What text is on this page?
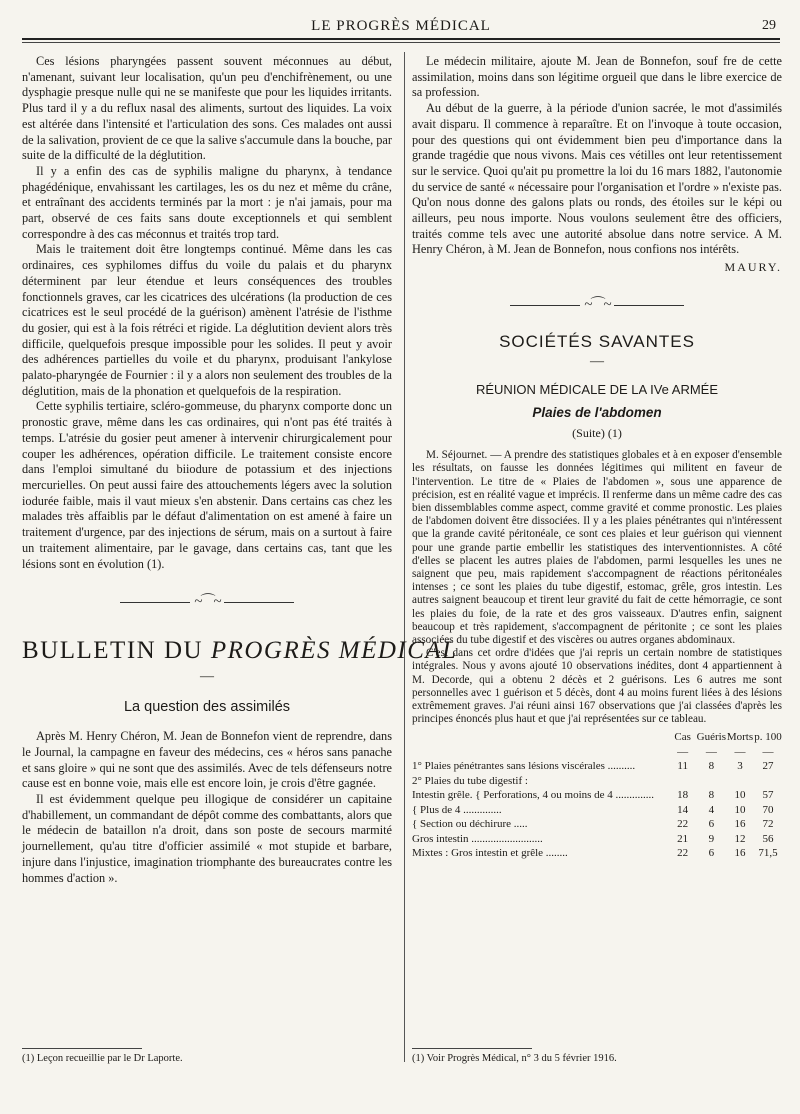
LE PROGRÈS MÉDICAL	29

Ces lésions pharyngées passent souvent méconnues au début, n'amenant, suivant leur localisation, qu'un peu d'enchifrènement, ou une dysphagie presque nulle qui ne se manifeste que pour les liquides irritants. Plus tard il y a du reflux nasal des aliments, surtout des liquides. La voix est altérée dans l'intensité et l'articulation des sons. Ces malades ont aussi de la salivation, provient de ce que la salive s'accumule dans la bouche, par suite de la difficulté de la déglutition.

Il y a enfin des cas de syphilis maligne du pharynx, à tendance phagédénique, envahissant les cartilages, les os du nez et même du crâne, et entraînant des accidents terminés par la mort : je n'ai jamais, pour ma part, observé de ces faits sans doute exceptionnels et qui semblent correspondre à des cas méconnus et traités trop tard.

Mais le traitement doit être longtemps continué. Même dans les cas ordinaires, ces syphilomes diffus du voile du palais et du pharynx déterminent par leur étendue et leurs conséquences des troubles fonctionnels graves, car les cicatrices des ulcérations (la production de ces cicatrices est le seul procédé de la guérison) amènent l'atrésie de l'isthme du gosier, qui est à la fois rétréci et rigide. La déglutition devient alors très difficile, quelquefois presque impossible pour les solides. Il peut y avoir des adhérences partielles du voile et du pharynx, produisant l'ankylose palato-pharyngée de Fournier : il y a alors non seulement des troubles de la déglutition, mais de la phonation et quelquefois de la respiration.

Cette syphilis tertiaire, scléro-gommeuse, du pharynx comporte donc un pronostic grave, même dans les cas ordinaires, qui n'ont pas été traités à temps. L'atrésie du gosier peut amener à intervenir chirurgicalement pour couper les adhérences, opération difficile. Le traitement consiste encore dans l'emploi simultané du biiodure de potassium et des injections mercurielles. On peut aussi faire des attouchements légers avec la solution iodurée faible, mais il vaut mieux s'en abstenir. Dans certains cas chez les malades très affaiblis par le défaut d'alimentation on est amené à faire un traitement d'urgence, par des injections de sérum, mais on a surtout à faire un traitement alimentaire, par le gavage, dans certains cas, tant que les lésions sont en évolution (1).

~⌒~
BULLETIN DU PROGRÈS MÉDICAL
—
La question des assimilés

Après M. Henry Chéron, M. Jean de Bonnefon vient de reprendre, dans le Journal, la campagne en faveur des médecins, ces « héros sans panache et sans gloire » qui ne sont que des assimilés. Avec de tels défenseurs notre cause est en bonne voie, mais elle est encore loin, je crois d'être gagnée.

Il est évidemment quelque peu illogique de considérer un capitaine d'habillement, un commandant de dépôt comme des combattants, alors que le médecin de bataillon n'a droit, dans son poste de secours marmité journellement, qu'au titre d'officier assimilé « mot stupide et barbare, injure dans l'injustice, imagination triomphante des bureaucrates contre les hommes d'action ».

(1) Leçon recueillie par le Dr Laporte.

Le médecin militaire, ajoute M. Jean de Bonnefon, souf fre de cette assimilation, moins dans son légitime orgueil que dans le libre exercice de sa profession.

Au début de la guerre, à la période d'union sacrée, le mot d'assimilés avait disparu. Il commence à reparaître. Et on l'invoque à toute occasion, pour des questions qui ont évidemment bien peu d'importance dans la grande tragédie que nous vivons. Mais ces vétilles ont leur retentissement sur le service. Quoi qu'ait pu promettre la loi du 16 mars 1882, l'autonomie du service de santé « nécessaire pour l'organisation et l'ordre » n'existe pas. Qu'on nous donne des galons plats ou ronds, des étoiles sur le képi ou ailleurs, peu nous importe. Nous voulons seulement être des officiers, traités comme tels avec une autorité absolue dans notre service. A M. Henry Chéron, à M. Jean de Bonnefon, nous confions nos intérêts.

MAURY.
~⌒~
SOCIÉTÉS SAVANTES
—
RÉUNION MÉDICALE DE LA IVe ARMÉE
Plaies de l'abdomen
(Suite) (1)

M. Séjournet. — A prendre des statistiques globales et à en exposer d'ensemble les résultats, on fausse les données légitimes qui militent en faveur de l'intervention. Le titre de « Plaies de l'abdomen », sous une apparence de précision, est en réalité vague et imprécis. Il renferme dans un même cadre des cas bien dissemblables comme aspect, comme gravité et comme pronostic. Les plaies de l'abdomen doivent être dissociées. Il y a les plaies pénétrantes qui n'intéressent que la grande cavité péritonéale, ce sont ces plaies et leur guérison qui viennent pour une grande partie embellir les statistiques des interventionnistes. A côté d'elles se placent les autres plaies de l'abdomen, parmi lesquelles les unes ne saignent que peu, mais rapidement s'accompagnent de réactions péritonéales intenses ; ce sont les plaies du tube digestif, estomac, grêle, gros intestin. Les autres saignent beaucoup et tirent leur gravité du fait de cette hémorragie, ce sont les plaies du foie, de la rate et des gros vaisseaux. D'autres enfin, saignent beaucoup et très rapidement, s'accompagnent de péritonite ; ce sont les plaies associées du tube digestif et des viscères ou autres organes abdominaux.

C'est dans cet ordre d'idées que j'ai repris un certain nombre de statistiques intégrales. Nous y avons ajouté 10 observations inédites, dont 4 appartiennent à M. Decorde, qui a obtenu 2 décès et 2 guérisons. Les 6 autres me sont personnelles avec 1 guérison et 5 décès, dont 4 au moins furent liées à des lésions extrêmement graves. J'ai réuni ainsi 167 observations que j'ai classées d'après les principes énoncés plus haut et que j'ai représentées sur ce tableau.

	Cas	Guéris	Morts	p. 100
	—	—	—	—
1° Plaies pénétrantes sans lésions viscérales ..........	11	8	3	27
2° Plaies du tube digestif :				
Intestin grêle. { Perforations, 4 ou moins de 4 ..............	18	8	10	57
{ Plus de 4 ..............	14	4	10	70
{ Section ou déchirure .....	22	6	16	72
Gros intestin ..........................	21	9	12	56
Mixtes : Gros intestin et grêle ........	22	6	16	71,5
(1) Voir Progrès Médical, n° 3 du 5 février 1916.
